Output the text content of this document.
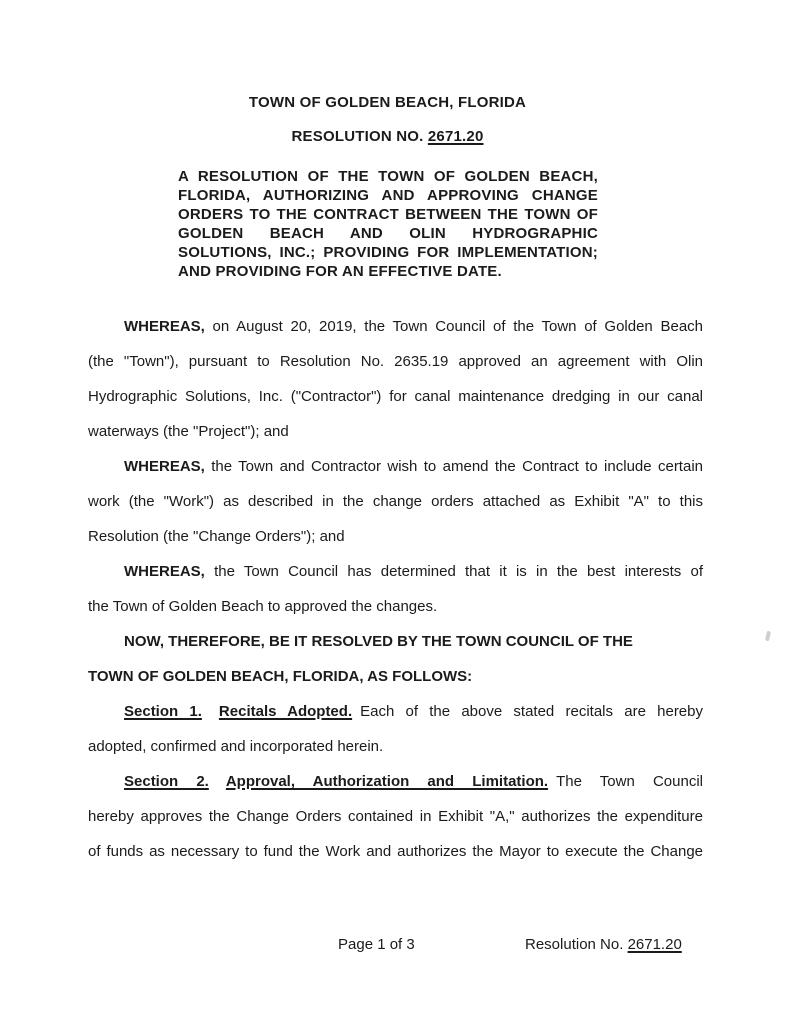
TOWN OF GOLDEN BEACH, FLORIDA
RESOLUTION NO. 2671.20
A RESOLUTION OF THE TOWN OF GOLDEN BEACH,
FLORIDA, AUTHORIZING AND APPROVING CHANGE
ORDERS TO THE CONTRACT BETWEEN THE TOWN OF
GOLDEN BEACH AND OLIN HYDROGRAPHIC
SOLUTIONS, INC.; PROVIDING FOR IMPLEMENTATION;
AND PROVIDING FOR AN EFFECTIVE DATE.
WHEREAS, on August 20, 2019, the Town Council of the Town of Golden Beach
(the "Town"), pursuant to Resolution No. 2635.19 approved an agreement with Olin
Hydrographic Solutions, Inc. ("Contractor") for canal maintenance dredging in our canal
waterways (the "Project"); and
WHEREAS, the Town and Contractor wish to amend the Contract to include certain
work (the "Work") as described in the change orders attached as Exhibit "A" to this
Resolution (the "Change Orders"); and
WHEREAS, the Town Council has determined that it is in the best interests of
the Town of Golden Beach to approved the changes.
NOW, THEREFORE, BE IT RESOLVED BY THE TOWN COUNCIL OF THE
TOWN OF GOLDEN BEACH, FLORIDA, AS FOLLOWS:
Section 1. Recitals Adopted. Each of the above stated recitals are hereby
adopted, confirmed and incorporated herein.
Section 2. Approval, Authorization and Limitation. The Town Council
hereby approves the Change Orders contained in Exhibit "A," authorizes the expenditure
of funds as necessary to fund the Work and authorizes the Mayor to execute the Change
Page 1 of 3	Resolution No. 2671.20
